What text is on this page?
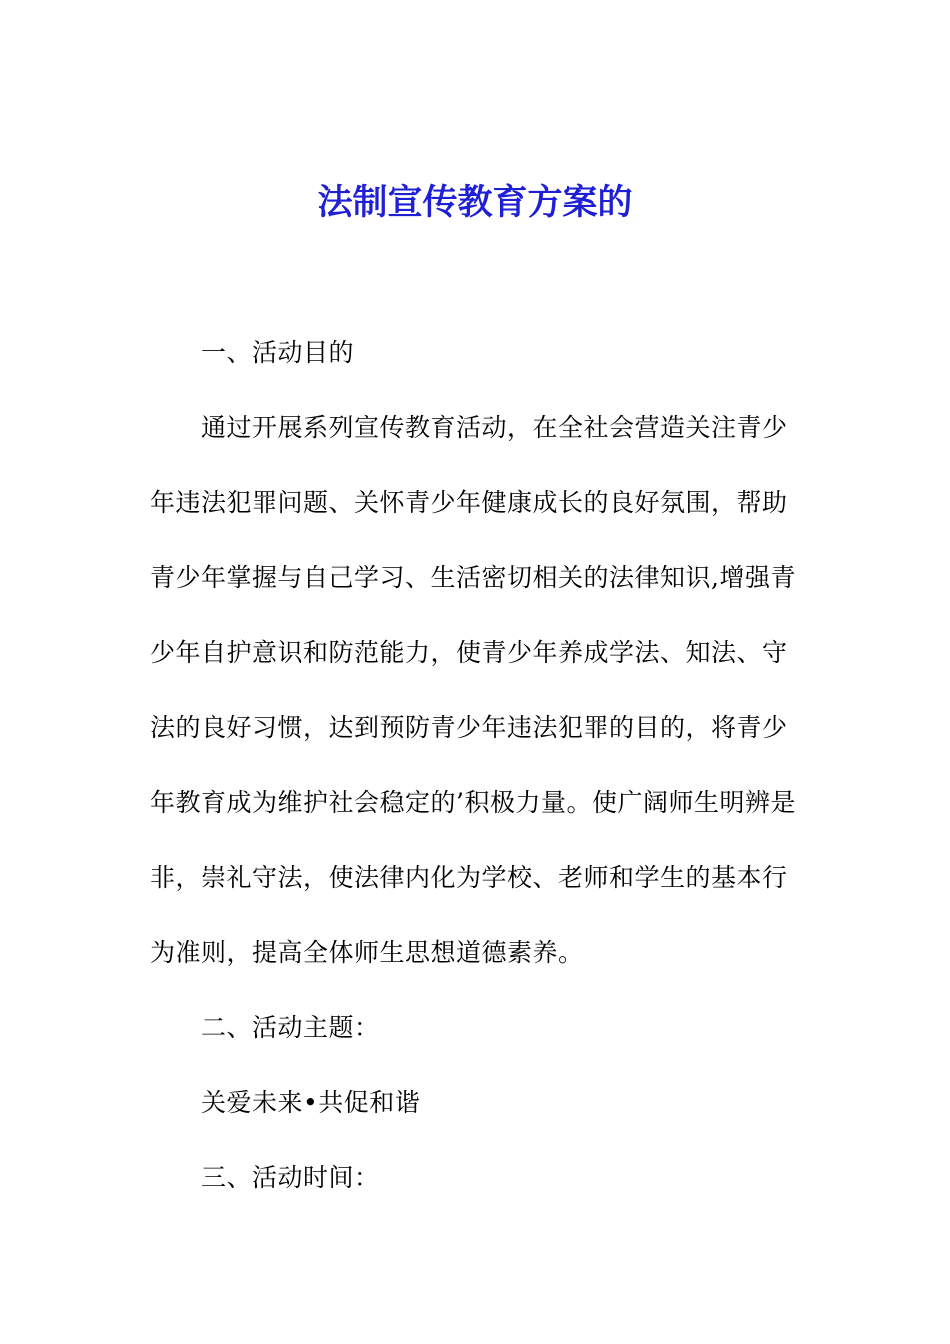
法制宣传教育方案的

一、活动目的

通过开展系列宣传教育活动，在全社会营造关注青少

年违法犯罪问题、关怀青少年健康成长的良好氛围，帮助

青少年掌握与自己学习、生活密切相关的法律知识,增强青

少年自护意识和防范能力，使青少年养成学法、知法、守

法的良好习惯，达到预防青少年违法犯罪的目的，将青少

年教育成为维护社会稳定的’积极力量。使广阔师生明辨是

非，崇礼守法，使法律内化为学校、老师和学生的基本行

为准则，提高全体师生思想道德素养。

二、活动主题：

关爱未来•共促和谐

三、活动时间：
